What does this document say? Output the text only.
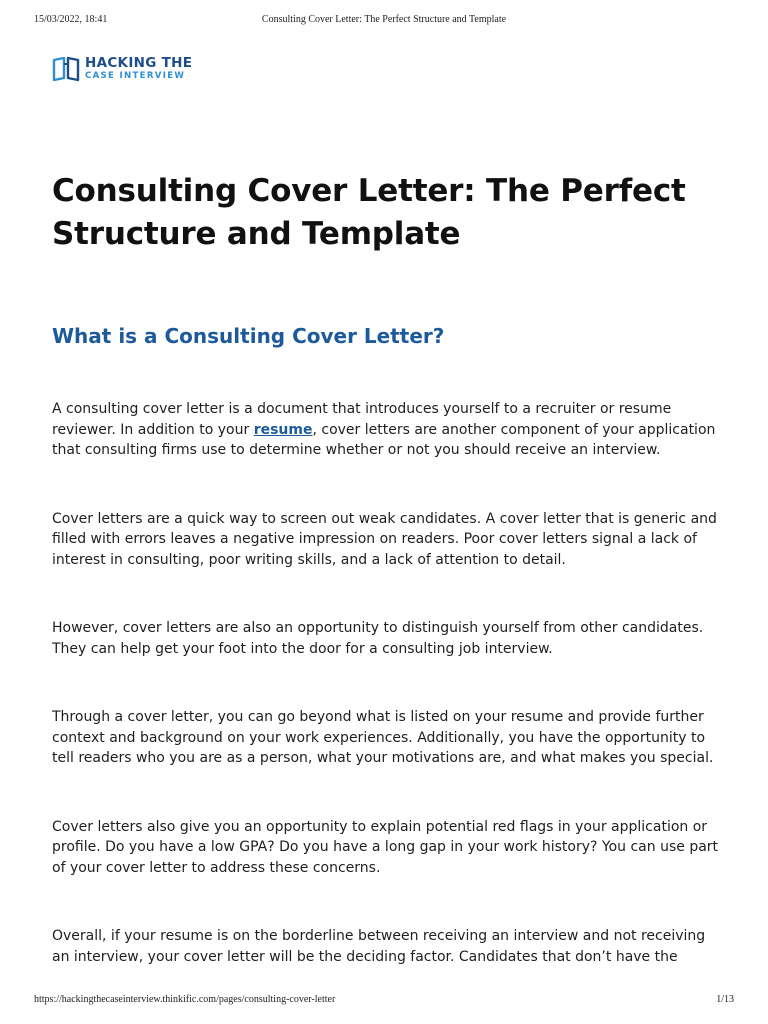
15/03/2022, 18:41	Consulting Cover Letter: The Perfect Structure and Template
HACKING THE
CASE INTERVIEW
Consulting Cover Letter: The Perfect Structure and Template
What is a Consulting Cover Letter?

A consulting cover letter is a document that introduces yourself to a recruiter or resume reviewer. In addition to your resume, cover letters are another component of your application that consulting firms use to determine whether or not you should receive an interview.

Cover letters are a quick way to screen out weak candidates. A cover letter that is generic and filled with errors leaves a negative impression on readers. Poor cover letters signal a lack of interest in consulting, poor writing skills, and a lack of attention to detail.

However, cover letters are also an opportunity to distinguish yourself from other candidates. They can help get your foot into the door for a consulting job interview.

Through a cover letter, you can go beyond what is listed on your resume and provide further context and background on your work experiences. Additionally, you have the opportunity to tell readers who you are as a person, what your motivations are, and what makes you special.

Cover letters also give you an opportunity to explain potential red flags in your application or profile. Do you have a low GPA? Do you have a long gap in your work history? You can use part of your cover letter to address these concerns.

Overall, if your resume is on the borderline between receiving an interview and not receiving an interview, your cover letter will be the deciding factor. Candidates that don’t have the

https://hackingthecaseinterview.thinkific.com/pages/consulting-cover-letter	1/13
